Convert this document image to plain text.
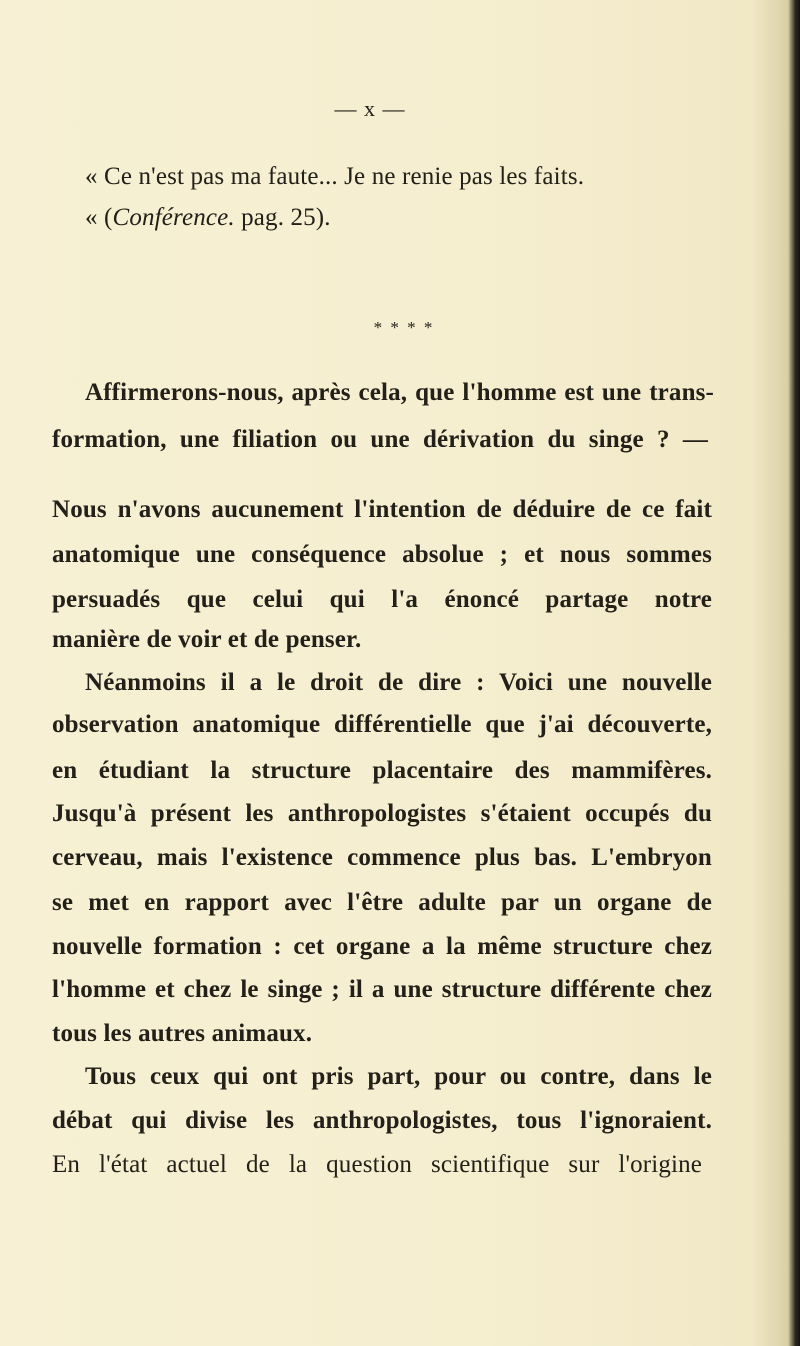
— x —
« Ce n'est pas ma faute... Je ne renie pas les faits.
« (Conférence. pag. 25).
* * * *
Affirmerons-nous, après cela, que l'homme est une trans-
formation, une filiation ou une dérivation du singe ? —
Nous n'avons aucunement l'intention de déduire de ce fait
anatomique une conséquence absolue ; et nous sommes
persuadés que celui qui l'a énoncé partage notre
manière de voir et de penser.
Néanmoins il a le droit de dire : Voici une nouvelle
observation anatomique différentielle que j'ai découverte,
en étudiant la structure placentaire des mammifères.
Jusqu'à présent les anthropologistes s'étaient occupés du
cerveau, mais l'existence commence plus bas. L'embryon
se met en rapport avec l'être adulte par un organe de
nouvelle formation : cet organe a la même structure chez
l'homme et chez le singe ; il a une structure différente chez
tous les autres animaux.
Tous ceux qui ont pris part, pour ou contre, dans le
débat qui divise les anthropologistes, tous l'ignoraient.
En l'état actuel de la question scientifique sur l'origine
